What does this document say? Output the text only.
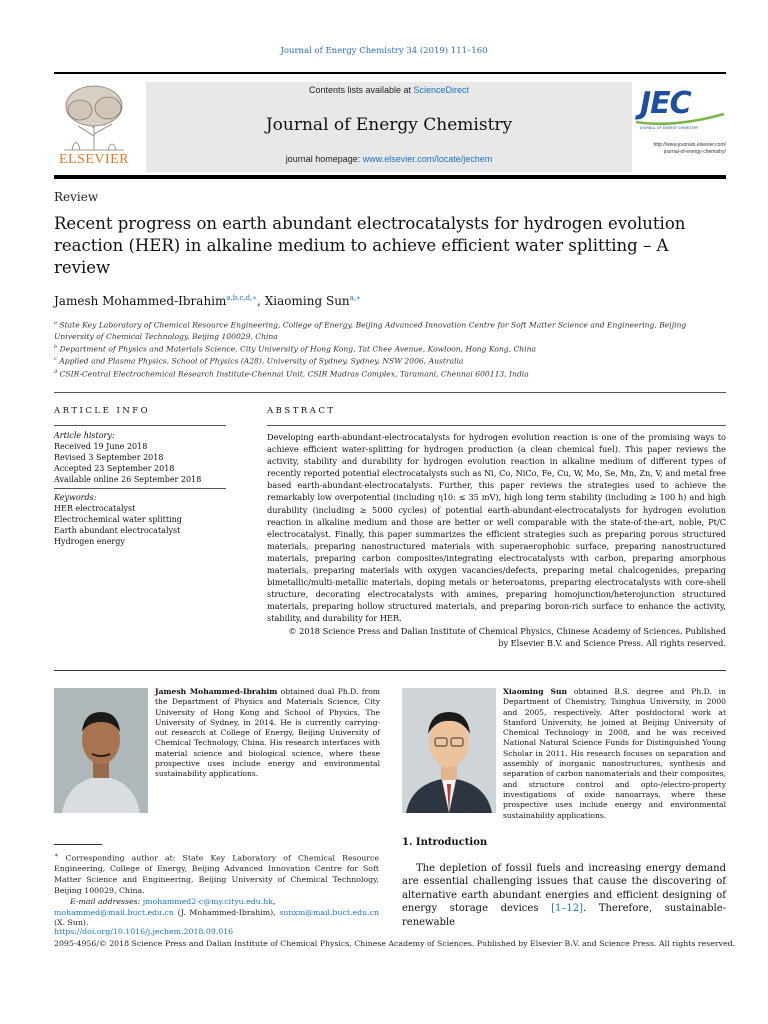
Journal of Energy Chemistry 34 (2019) 111–160
ELSEVIER
Contents lists available at ScienceDirect
Journal of Energy Chemistry
journal homepage: www.elsevier.com/locate/jechem
JEC
JOURNAL OF ENERGY CHEMISTRY
http://www.journals.elsevier.com/
journal-of-energy-chemistry/
Review
Recent progress on earth abundant electrocatalysts for hydrogen evolution reaction (HER) in alkaline medium to achieve efficient water splitting – A review
Jamesh Mohammed-Ibrahim$^{a,b,c,d,∗}$, Xiaoming Sun$^{a,∗}$
$^a$ State Key Laboratory of Chemical Resource Engineering, College of Energy, Beijing Advanced Innovation Centre for Soft Matter Science and Engineering, Beijing University of Chemical Technology, Beijing 100029, China
$^b$ Department of Physics and Materials Science, City University of Hong Kong, Tat Chee Avenue, Kowloon, Hong Kong, China
$^c$ Applied and Plasma Physics, School of Physics (A28), University of Sydney, Sydney, NSW 2006, Australia
$^d$ CSIR-Central Electrochemical Research Institute-Chennai Unit, CSIR Madras Complex, Taramani, Chennai 600113, India
ARTICLE INFO
Article history:
Received 19 June 2018
Revised 3 September 2018
Accepted 23 September 2018
Available online 26 September 2018
Keywords:
HER electrocatalyst
Electrochemical water splitting
Earth abundant electrocatalyst
Hydrogen energy
ABSTRACT

Developing earth-abundant-electrocatalysts for hydrogen evolution reaction is one of the promising ways to achieve efficient water-splitting for hydrogen production (a clean chemical fuel). This paper reviews the activity, stability and durability for hydrogen evolution reaction in alkaline medium of different types of recently reported potential electrocatalysts such as Ni, Co, NiCo, Fe, Cu, W, Mo, Se, Mn, Zn, V, and metal free based earth-abundant-electrocatalysts. Further, this paper reviews the strategies used to achieve the remarkably low overpotential (including η10: ≤ 35 mV), high long term stability (including ≥ 100 h) and high durability (including ≥ 5000 cycles) of potential earth-abundant-electrocatalysts for hydrogen evolution reaction in alkaline medium and those are better or well comparable with the state-of-the-art, noble, Pt/C electrocatalyst. Finally, this paper summarizes the efficient strategies such as preparing porous structured materials, preparing nanostructured materials with superaerophobic surface, preparing nanostructured materials, preparing carbon composites/integrating electrocatalysts with carbon, preparing amorphous materials, preparing materials with oxygen vacancies/defects, preparing metal chalcogenides, preparing bimetallic/multi-metallic materials, doping metals or heteroatoms, preparing electrocatalysts with core-shell structure, decorating electrocatalysts with amines, preparing homojunction/heterojunction structured materials, preparing hollow structured materials, and preparing boron-rich surface to enhance the activity, stability, and durability for HER.

© 2018 Science Press and Dalian Institute of Chemical Physics, Chinese Academy of Sciences. Published
by Elsevier B.V. and Science Press. All rights reserved.
Jamesh Mohammed-Ibrahim obtained dual Ph.D. from the Department of Physics and Materials Science, City University of Hong Kong and School of Physics, The University of Sydney, in 2014. He is currently carrying-out research at College of Energy, Beijing University of Chemical Technology, China. His research interfaces with material science and biological science, where these prospective uses include energy and environmental sustainability applications.
Xiaoming Sun obtained B.S. degree and Ph.D. in Department of Chemistry, Tsinghua University, in 2000 and 2005, respectively. After postdoctoral work at Stanford University, he joined at Beijing University of Chemical Technology in 2008, and he was received National Natural Science Funds for Distinguished Young Scholar in 2011. His research focuses on separation and assembly of inorganic nanostructures, synthesis and separation of carbon nanomaterials and their composites, and structure control and opto-/electro-property investigations of oxide nanoarrays, where these prospective uses include energy and environmental sustainability applications.
∗ Corresponding author at: State Key Laboratory of Chemical Resource Engineering, College of Energy, Beijing Advanced Innovation Centre for Soft Matter Science and Engineering, Beijing University of Chemical Technology, Beijing 100029, China.
E-mail addresses: jmohammed2-c@my.cityu.edu.hk,
mohammed@mail.buct.edu.cn (J. Mohammed-Ibrahim), sunxm@mail.buct.edu.cn (X. Sun).
1. Introduction
The depletion of fossil fuels and increasing energy demand are essential challenging issues that cause the discovering of alternative earth abundant energies and efficient designing of energy storage devices [1–12]. Therefore, sustainable-renewable
https://doi.org/10.1016/j.jechem.2018.09.016
2095-4956/© 2018 Science Press and Dalian Institute of Chemical Physics, Chinese Academy of Sciences. Published by Elsevier B.V. and Science Press. All rights reserved.
